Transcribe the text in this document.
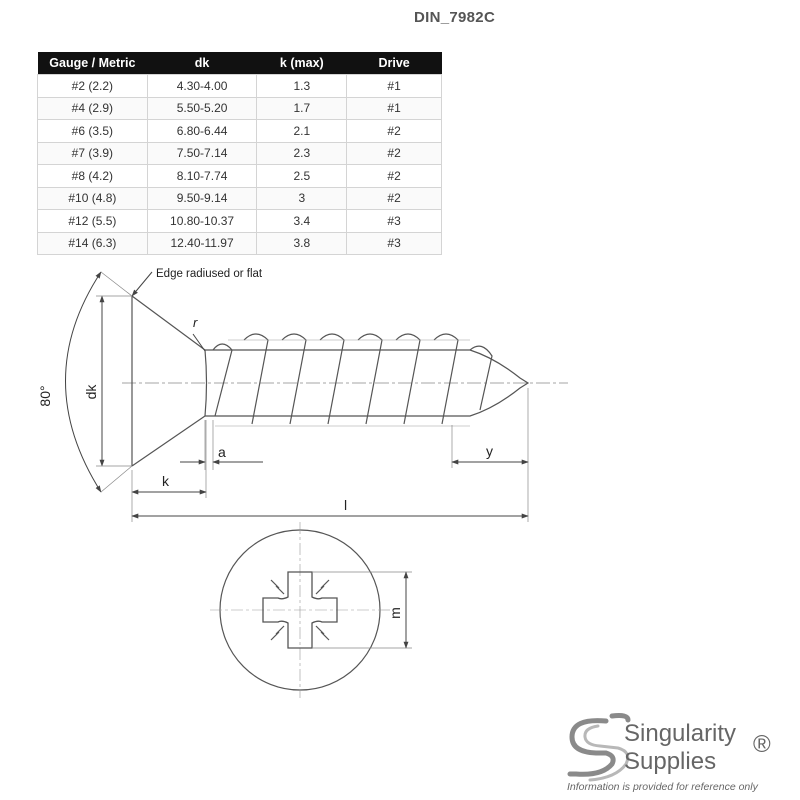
DIN_7982C
Gauge / Metric	dk	k (max)	Drive
#2 (2.2)	4.30-4.00	1.3	#1
#4 (2.9)	5.50-5.20	1.7	#1
#6 (3.5)	6.80-6.44	2.1	#2
#7 (3.9)	7.50-7.14	2.3	#2
#8 (4.2)	8.10-7.74	2.5	#2
#10 (4.8)	9.50-9.14	3	#2
#12 (5.5)	10.80-10.37	3.4	#3
#14 (6.3)	12.40-11.97	3.8	#3
Edge radiused or flat
80° dk
r
a
k
y
l
m
Singularity
Supplies
®
Information is provided for reference only
